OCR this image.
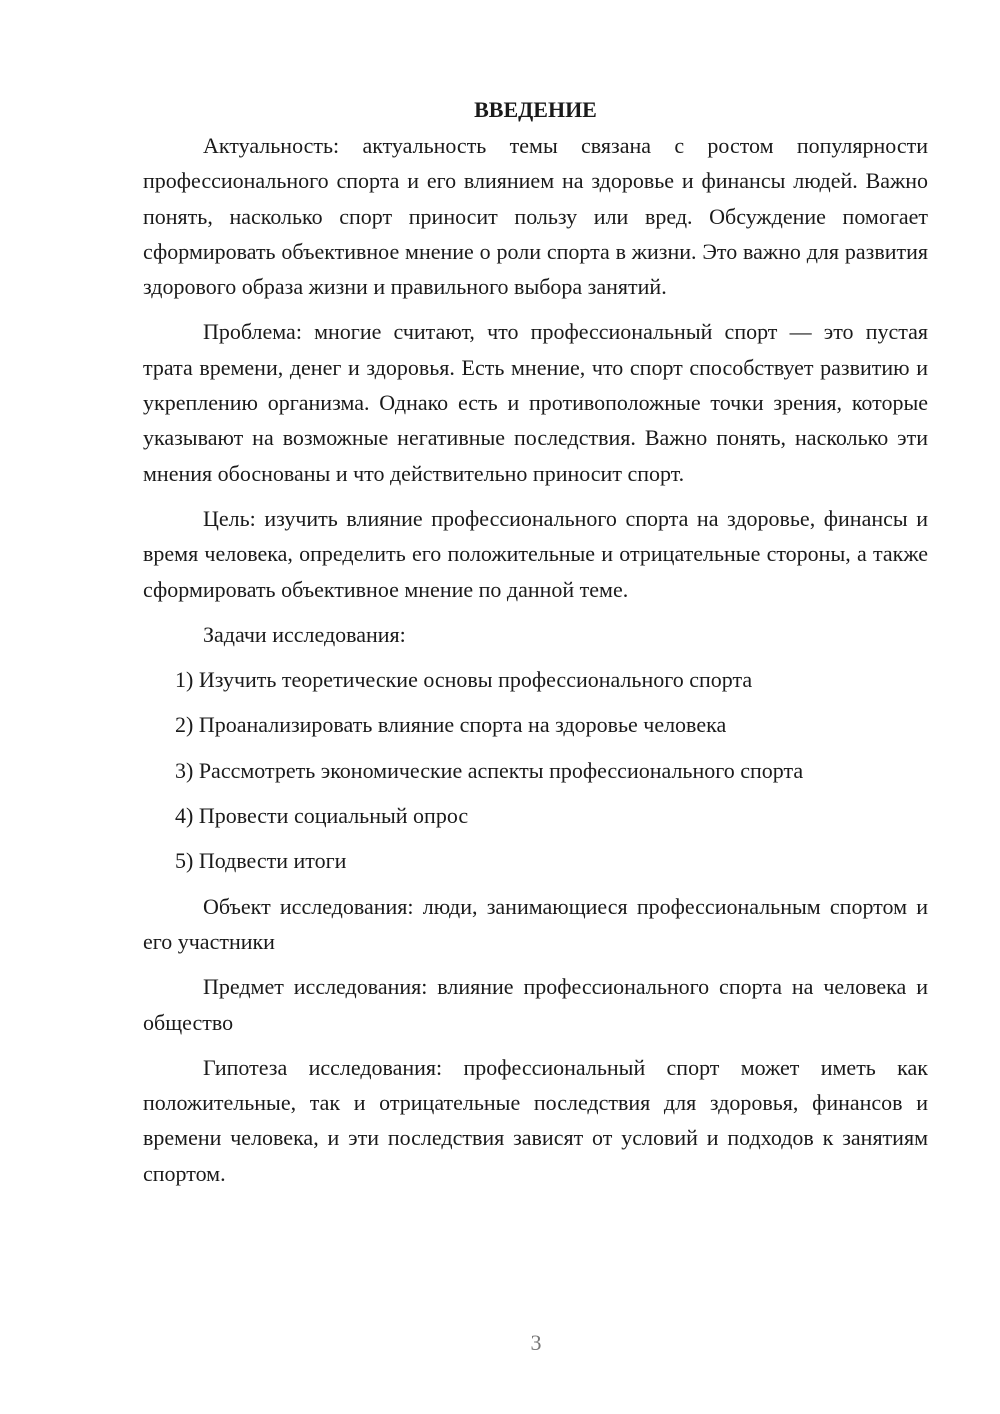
ВВЕДЕНИЕ

Актуальность: актуальность темы связана с ростом популярности профессионального спорта и его влиянием на здоровье и финансы людей. Важно понять, насколько спорт приносит пользу или вред. Обсуждение помогает сформировать объективное мнение о роли спорта в жизни. Это важно для развития здорового образа жизни и правильного выбора занятий.

Проблема: многие считают, что профессиональный спорт — это пустая трата времени, денег и здоровья. Есть мнение, что спорт способствует развитию и укреплению организма. Однако есть и противоположные точки зрения, которые указывают на возможные негативные последствия. Важно понять, насколько эти мнения обоснованы и что действительно приносит спорт.

Цель: изучить влияние профессионального спорта на здоровье, финансы и время человека, определить его положительные и отрицательные стороны, а также сформировать объективное мнение по данной теме.

Задачи исследования:

1) Изучить теоретические основы профессионального спорта

2) Проанализировать влияние спорта на здоровье человека

3) Рассмотреть экономические аспекты профессионального спорта

4) Провести социальный опрос

5) Подвести итоги

Объект исследования: люди, занимающиеся профессиональным спортом и его участники

Предмет исследования: влияние профессионального спорта на человека и общество

Гипотеза исследования: профессиональный спорт может иметь как положительные, так и отрицательные последствия для здоровья, финансов и времени человека, и эти последствия зависят от условий и подходов к занятиям спортом.

3
